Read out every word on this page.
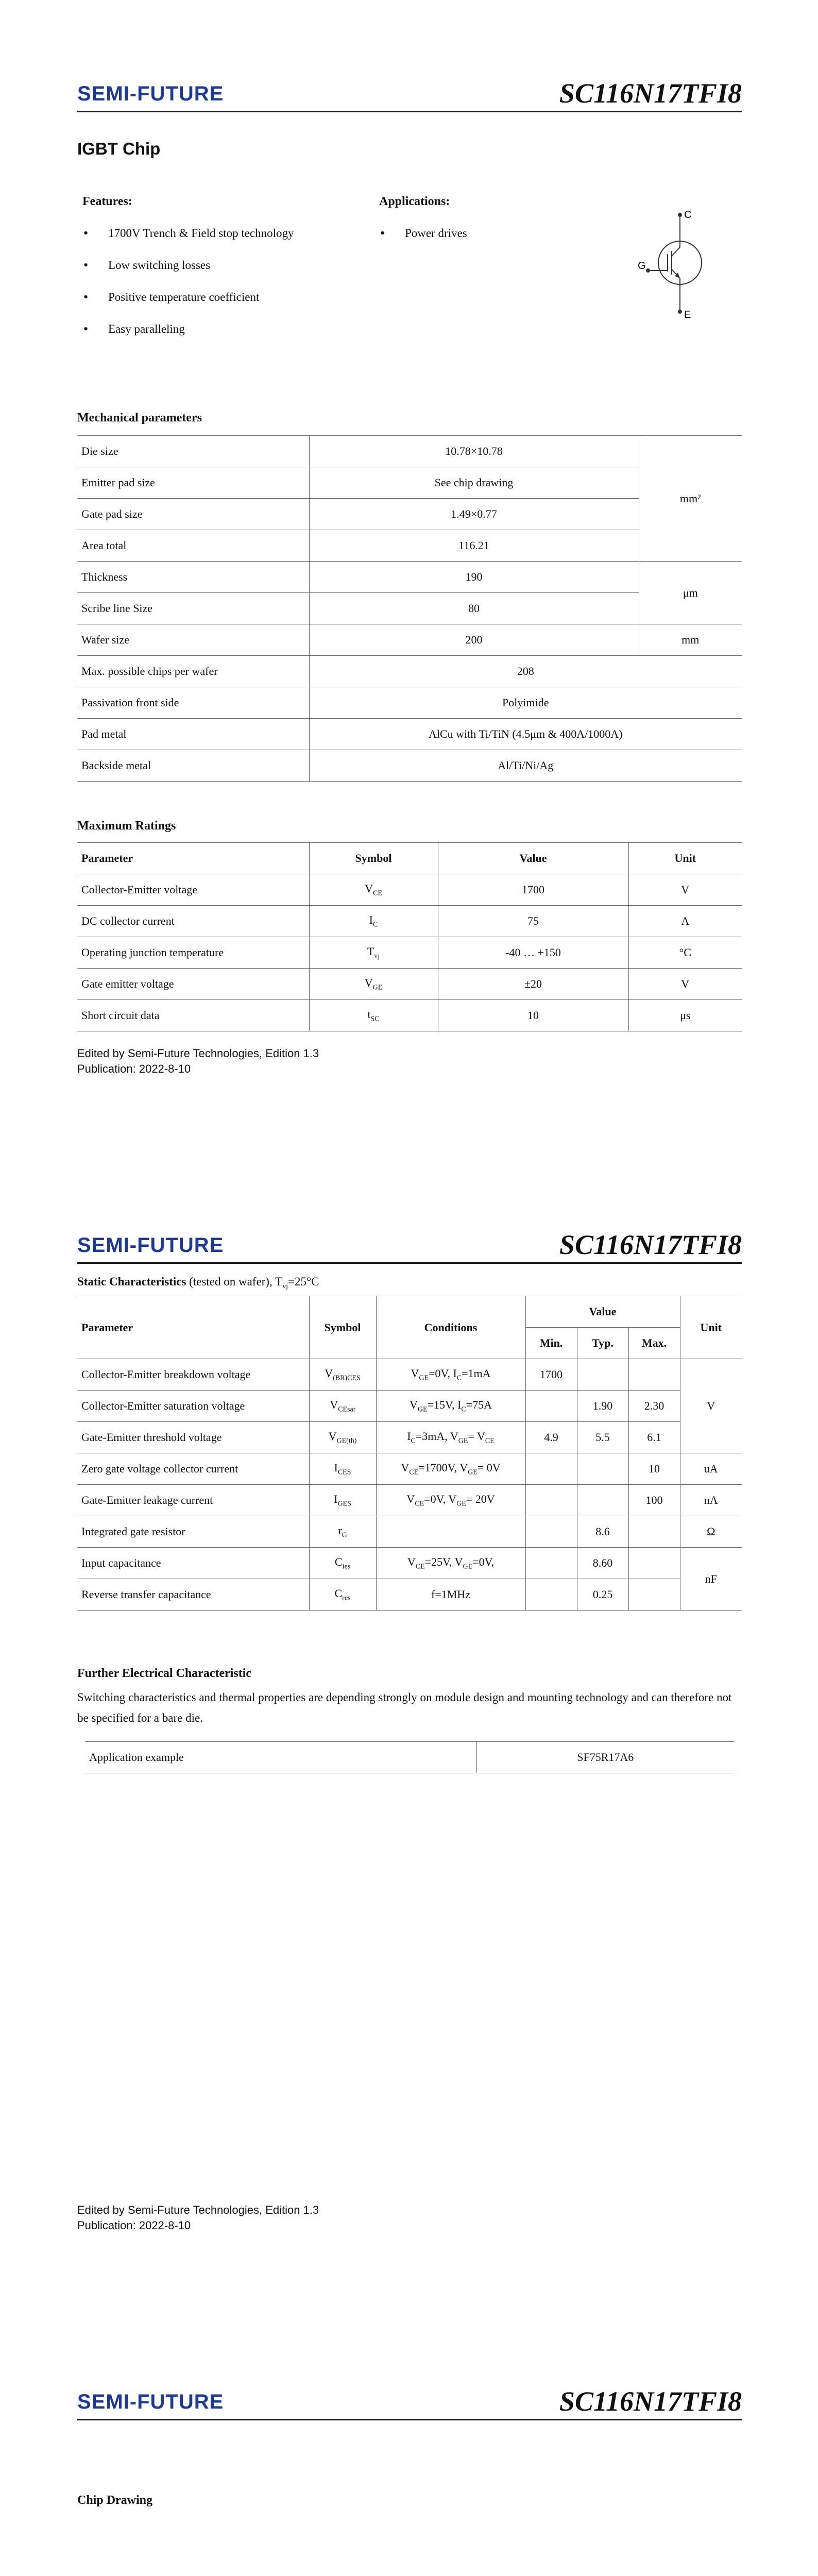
SEMI-FUTURE	SC116N17TFI8
IGBT Chip
Features:
• 1700V Trench & Field stop technology
• Low switching losses
• Positive temperature coefficient
• Easy paralleling
Applications:
• Power drives
C
G
E
Mechanical parameters
Die size	10.78×10.78	mm²
Emitter pad size	See chip drawing	
Gate pad size	1.49×0.77	
Area total	116.21	
Thickness	190	μm
Scribe line Size	80	
Wafer size	200	mm
Max. possible chips per wafer	208	
Passivation front side	Polyimide	
Pad metal	AlCu with Ti/TiN (4.5μm & 400A/1000A)	
Backside metal	Al/Ti/Ni/Ag	
Maximum Ratings
Parameter	Symbol	Value	Unit
Collector-Emitter voltage	$V_{CE}$	1700	V
DC collector current	$I_C$	75	A
Operating junction temperature	$T_{vj}$	-40 … +150	°C
Gate emitter voltage	$V_{GE}$	±20	V
Short circuit data	$t_{SC}$	10	μs
Edited by Semi-Future Technologies, Edition 1.3
Publication: 2022-8-10
SEMI-FUTURE	SC116N17TFI8
Static Characteristics (tested on wafer), $T_{vj}=25^\circ C$
Parameter	Symbol	Conditions	Value			Unit
			Min.	Typ.	Max.	
Collector-Emitter breakdown voltage	$V_{(BR)CES}$	$V_{GE}=0V$, $I_C=1mA$	1700			V
Collector-Emitter saturation voltage	$V_{CEsat}$	$V_{GE}=15V$, $I_C=75A$		1.90	2.30	
Gate-Emitter threshold voltage	$V_{GE(th)}$	$I_C=3mA$, $V_{GE}= V_{CE}$	4.9	5.5	6.1	
Zero gate voltage collector current	$I_{CES}$	$V_{CE}=1700V$, $V_{GE}= 0V$			10	uA
Gate-Emitter leakage current	$I_{GES}$	$V_{CE}=0V$, $V_{GE}= 20V$			100	nA
Integrated gate resistor	$r_G$			8.6		Ω
Input capacitance	$C_{ies}$	$V_{CE}=25V$, $V_{GE}=0V$,		8.60		nF
Reverse transfer capacitance	$C_{res}$	f=1MHz		0.25		
Further Electrical Characteristic
Switching characteristics and thermal properties are depending strongly on module design and mounting technology and can therefore not be specified for a bare die.
Application example	SF75R17A6
Edited by Semi-Future Technologies, Edition 1.3
Publication: 2022-8-10
SEMI-FUTURE	SC116N17TFI8
Chip Drawing
